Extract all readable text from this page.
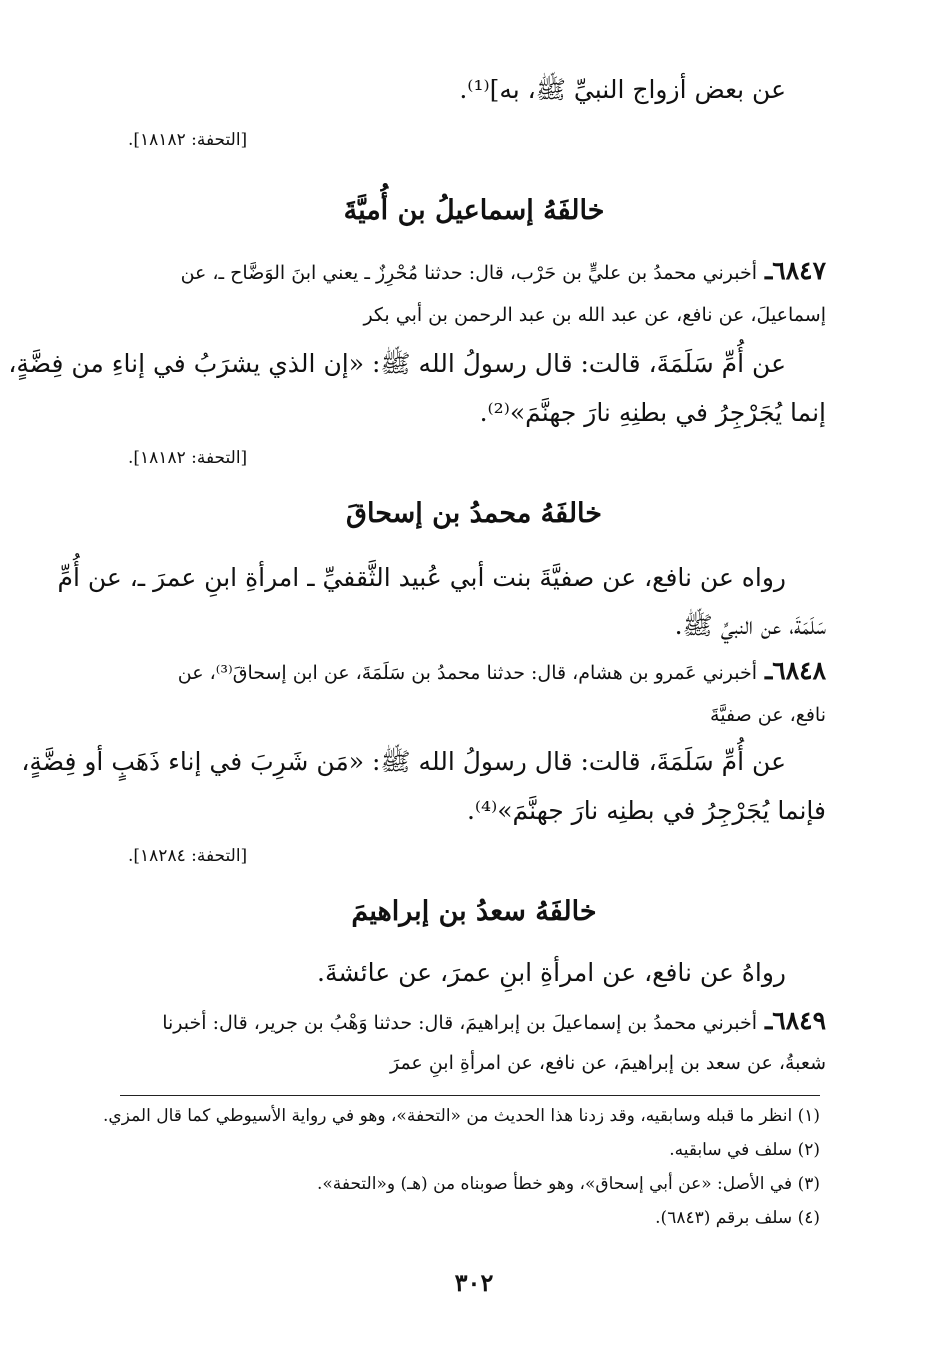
عن بعض أزواج النبيِّ ﷺ، به]⁽¹⁾.
[التحفة: ١٨١٨٢].
خالفَهُ إسماعيلُ بن أُميَّةَ
٦٨٤٧ـ أخبرني محمدُ بن عليٍّ بن حَرْب، قال: حدثنا مُحْرِزٌ ـ يعني ابنَ الوَضَّاح ـ، عن
إسماعيلَ، عن نافع، عن عبد الله بن عبد الرحمن بن أبي بكر
عن أُمِّ سَلَمَةَ، قالت: قال رسولُ الله ﷺ: «إن الذي يشرَبُ في إناءِ من فِضَّةٍ،
إنما يُجَرْجِرُ في بطنِهِ نارَ جهنَّمَ»⁽²⁾.
[التحفة: ١٨١٨٢].
خالفَهُ محمدُ بن إسحاقَ
رواه عن نافع، عن صفيَّةَ بنت أبي عُبيد الثَّقفيِّ ـ امرأةِ ابنِ عمرَ ـ، عن أُمِّ
سَلَمَةَ، عن النبيِّ ﷺ.
٦٨٤٨ـ أخبرني عَمرو بن هشام، قال: حدثنا محمدُ بن سَلَمَةَ، عن ابن إسحاقَ⁽³⁾، عن
نافع، عن صفيَّةَ
عن أُمِّ سَلَمَةَ، قالت: قال رسولُ الله ﷺ: «مَن شَرِبَ في إناء ذَهَبٍ أو فِضَّةٍ،
فإنما يُجَرْجِرُ في بطنِه نارَ جهنَّمَ»⁽⁴⁾.
[التحفة: ١٨٢٨٤].
خالفَهُ سعدُ بن إبراهيمَ
رواهُ عن نافع، عن امرأةِ ابنِ عمرَ، عن عائشةَ.
٦٨٤٩ـ أخبرني محمدُ بن إسماعيلَ بن إبراهيمَ، قال: حدثنا وَهْبُ بن جرير، قال: أخبرنا
شعبةُ، عن سعد بن إبراهيمَ، عن نافع، عن امرأةِ ابنِ عمرَ
(١) انظر ما قبله وسابقيه، وقد زدنا هذا الحديث من «التحفة»، وهو في رواية الأسيوطي كما قال المزي.
(٢) سلف في سابقيه.
(٣) في الأصل: «عن أبي إسحاق»، وهو خطأ صوبناه من (هـ) و«التحفة».
(٤) سلف برقم (٦٨٤٣).
٣٠٢
